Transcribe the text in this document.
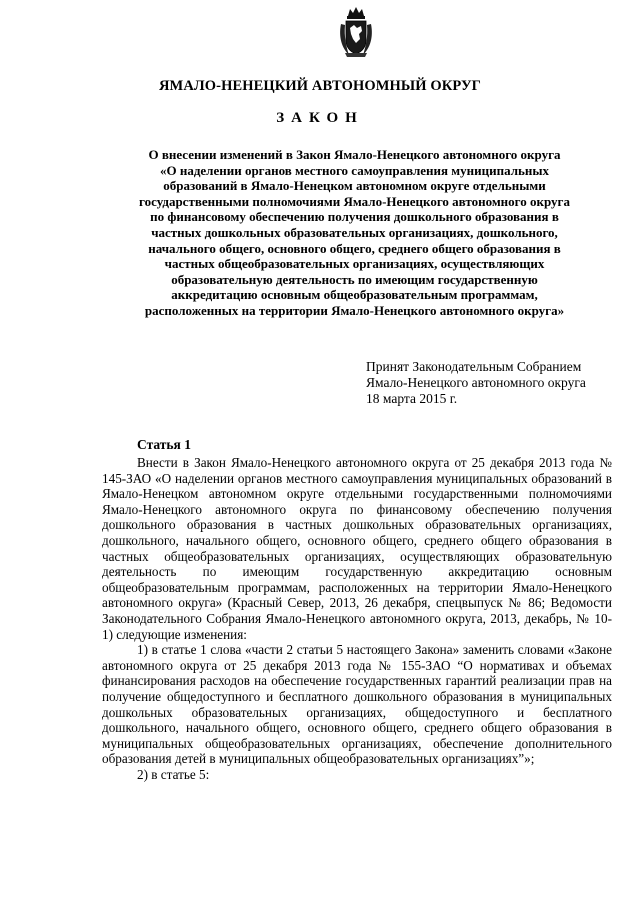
ЯМАЛО-НЕНЕЦКИЙ АВТОНОМНЫЙ ОКРУГ
ЗАКОН
О внесении изменений в Закон Ямало-Ненецкого автономного округа
«О наделении органов местного самоуправления муниципальных
образований в Ямало-Ненецком автономном округе отдельными
государственными полномочиями Ямало-Ненецкого автономного округа
по финансовому обеспечению получения дошкольного образования в
частных дошкольных образовательных организациях, дошкольного,
начального общего, основного общего, среднего общего образования в
частных общеобразовательных организациях, осуществляющих
образовательную деятельность по имеющим государственную
аккредитацию основным общеобразовательным программам,
расположенных на территории Ямало-Ненецкого автономного округа»
Принят Законодательным Собранием
Ямало-Ненецкого автономного округа
18 марта 2015 г.
Статья 1

Внести в Закон Ямало-Ненецкого автономного округа от 25 декабря 2013 года № 145-ЗАО «О наделении органов местного самоуправления муниципальных образований в Ямало-Ненецком автономном округе отдельными государственными полномочиями Ямало-Ненецкого автономного округа по финансовому обеспечению получения дошкольного образования в частных дошкольных образовательных организациях, дошкольного, начального общего, основного общего, среднего общего образования в частных общеобразовательных организациях, осуществляющих образовательную деятельность по имеющим государственную аккредитацию основным общеобразовательным программам, расположенных на территории Ямало-Ненецкого автономного округа» (Красный Север, 2013, 26 декабря, спецвыпуск № 86; Ведомости Законодательного Собрания Ямало-Ненецкого автономного округа, 2013, декабрь, № 10-1) следующие изменения:

1) в статье 1 слова «части 2 статьи 5 настоящего Закона» заменить словами «Законе автономного округа от 25 декабря 2013 года № 155-ЗАО “О нормативах и объемах финансирования расходов на обеспечение государственных гарантий реализации прав на получение общедоступного и бесплатного дошкольного образования в муниципальных дошкольных образовательных организациях, общедоступного и бесплатного дошкольного, начального общего, основного общего, среднего общего образования в муниципальных общеобразовательных организациях, обеспечение дополнительного образования детей в муниципальных общеобразовательных организациях”»;

2) в статье 5:
